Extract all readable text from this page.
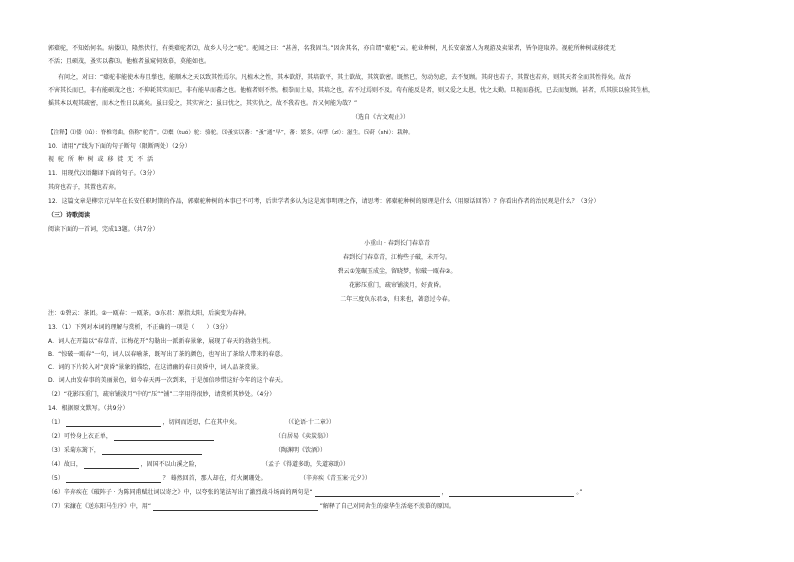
郭橐驼，不知始何名。病偻⑴，隆然伏行，有类橐驼者⑵，故乡人号之“驼”。驼闻之曰：“甚善，名我固当。”因舍其名，亦自谓“橐驼”云。驼业种树，凡长安豪富人为观游及卖果者，皆争迎取养。视驼所种树或移徙无
不活；且硕茂，蚤实以蕃⑶。他植者虽窥伺效慕，莫能如也。
有问之，对曰：“橐驼非能使木寿且孳也，能顺木之天以致其性焉尔。凡植木之性，其本欲舒，其培欲平，其土欲故，其筑欲密。既然已，勿动勿虑，去不复顾。其莳也若子，其置也若弃，则其天者全而其性得矣。故吾
不害其长而已，非有能硕茂之也；不抑耗其实而已，非有能早而蕃之也。他植者则不然。根拳而土易，其培之也，若不过焉则不及。苟有能反是者，则又爱之太恩，忧之太勤。旦视而暮抚，已去而复顾。甚者，爪其肤以验其生枯，
摇其本以观其疏密，而木之性日以离矣。虽曰爱之，其实害之；虽曰忧之，其实仇之，故不我若也。吾又何能为哉？”
（选自《古文观止》）
【注释】⑴偻（lǚ）：脊椎弯曲，俗称“驼背”。⑵橐（tuó）驼：骆驼。⑶蚤实以蕃：“蚤”通“早”，蕃：繁多。⑷孳（zī）：滋生。⑸莳（shì）：栽种。
10．请用“/”线为下面的句子断句（限断两处）（2分）
视 驼 所 种 树 或 移 徙 无 不 活
11．用现代汉语翻译下面的句子。（3分）
其莳也若子，其置也若弃。
12．这篇文章是柳宗元早年在长安任职时期的作品，郭橐驼种树的本事已不可考，后世学者多认为这是寓事明理之作，请思考：郭橐驼种树的原理是什么（用原话回答）？你看出作者的治民观是什么？（3分）
（三）诗歌阅读
阅读下面的一首词，完成13题。（共7分）
小重山 · 春到长门春草青
春到长门春草青，江梅些子破，未开匀。
碧云①笼碾玉成尘，留晓梦，惊破一瓯春②。
花影压重门，疏帘铺淡月，好黄昏。
二年三度负东君③，归来也，著意过今春。
注：①碧云：茶团。②一瓯春：一瓯茶。③东君：原指太阳，后演变为春神。
13．（1）下列对本词的理解与赏析，不正确的一项是（　　）（3分）
A．词人在开篇以“春草青、江梅花开”勾勒出一派新春景象，展现了春天的勃勃生机。
B．“惊破一瓯春”一句，词人以春喻茶，既写出了茶的颜色，也写出了茶给人带来的春意。
C．词的下片转入对“黄昏”景象的描绘，在这清幽的春日黄昏中，词人品茶赏景。
D．词人由发春事的美丽景色，如今春天再一次到来，于是加倍珍惜这好今年的这个春天。
（2）“花影压重门，疏帘铺淡月”中的“压”“铺”二字用得很妙，请赏析其妙处。（4分）
14．根据原文默写。（共9分）
（1）	，切问而近思，仁在其中矣。	（《论语·十二章》）
（2）可怜身上衣正单，	（白居易《卖炭翁》）
（3）采菊东篱下，	（陶渊明《饮酒》）
（4）故曰，	，固国不以山溪之险，	（孟子《得道多助，失道寡助》）
（5）	？ 蓦然回首，那人却在，灯火阑珊处。	（辛弃疾《青玉案·元夕》）
（6）辛弃疾在《破阵子 · 为陈同甫赋壮词以寄之》中，以夸张的笔法写出了激烈战斗场面的两句是“	，	。”
（7）宋濂在《送东阳马生序》中，用“	”解释了自己对同舍生的豪华生活毫不羡慕的原因。
